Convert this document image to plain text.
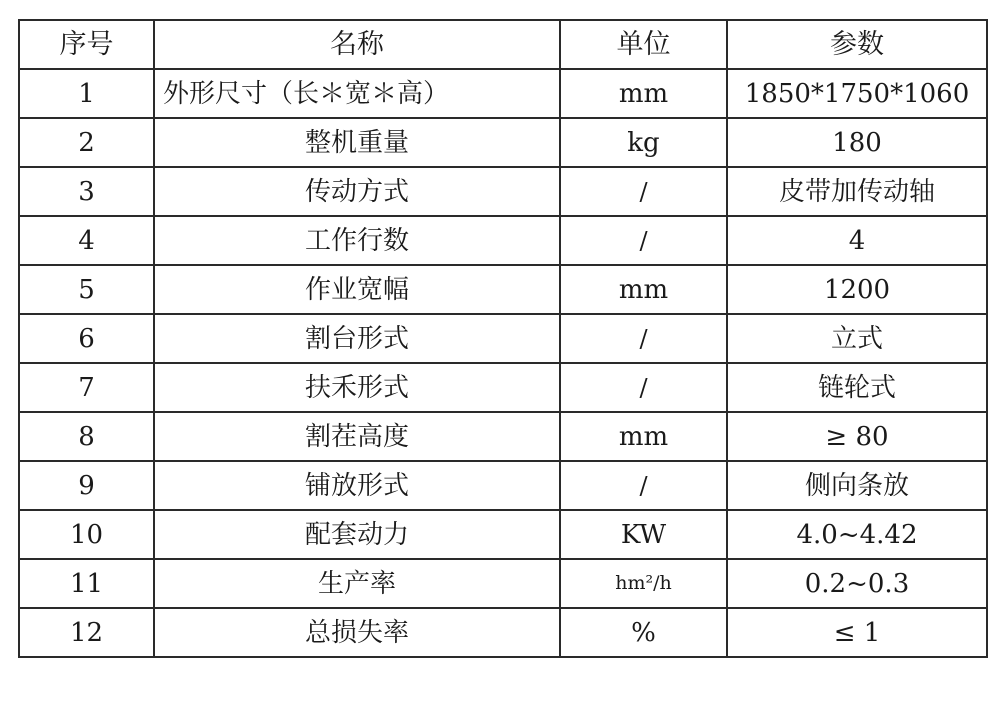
序号	名称	单位	参数
1	外形尺寸（长＊宽＊高）	mm	1850*1750*1060
2	整机重量	kg	180
3	传动方式	/	皮带加传动轴
4	工作行数	/	4
5	作业宽幅	mm	1200
6	割台形式	/	立式
7	扶禾形式	/	链轮式
8	割茬高度	mm	≥ 80
9	铺放形式	/	侧向条放
10	配套动力	KW	4.0~4.42
11	生产率	hm²/h	0.2~0.3
12	总损失率	%	≤ 1
